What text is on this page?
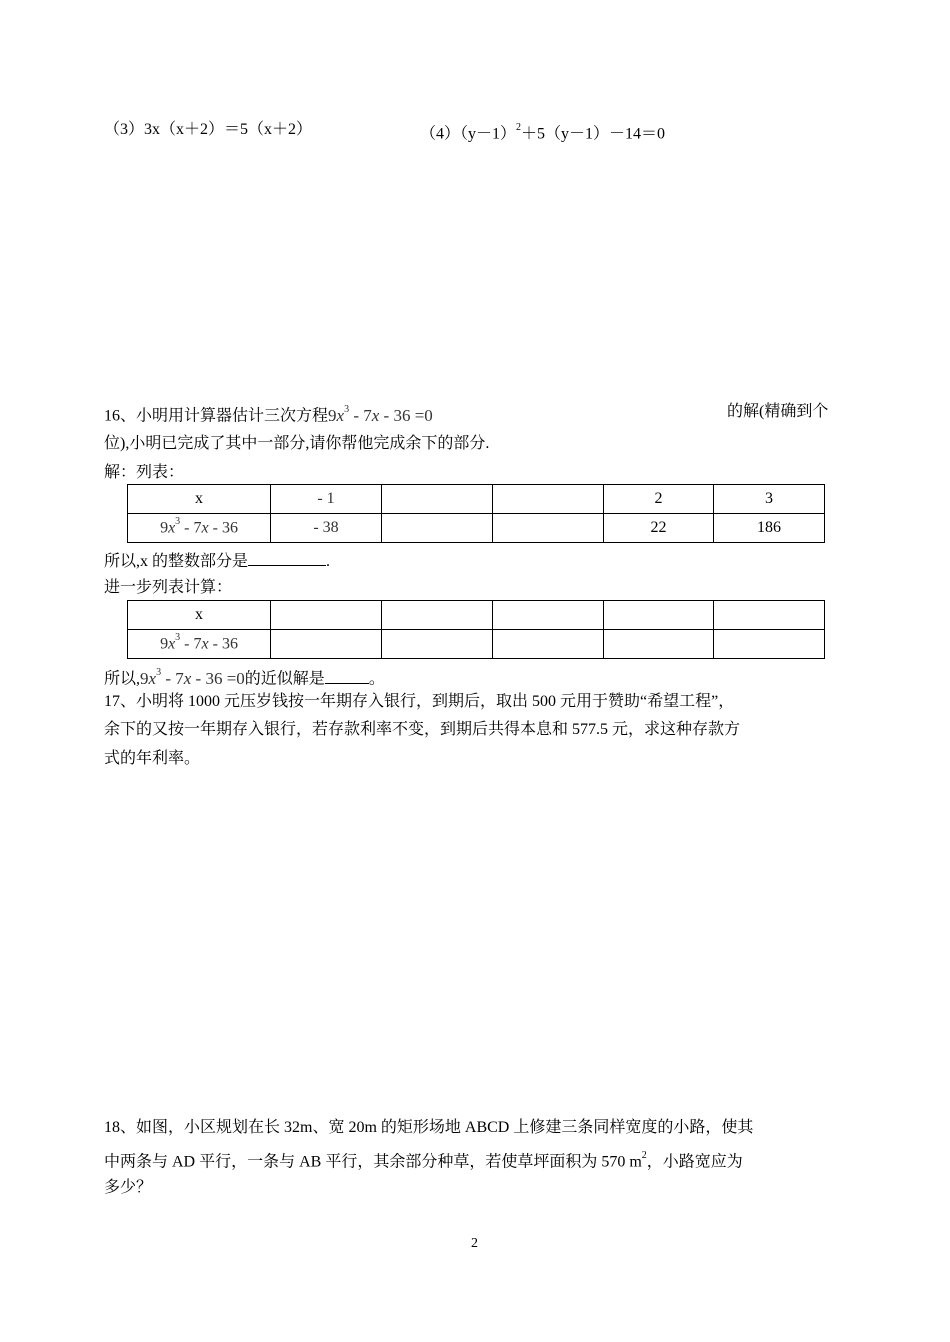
（3）3x（x＋2）＝5（x＋2）	$(4)(y-1)^2+5(y-1)-14=0$
16、小明用计算器估计三次方程$9x^3 - 7x - 36 =0$	的解(精确到个
位),小明已完成了其中一部分,请你帮他完成余下的部分.
解：列表：
x	- 1			2	3
$9x^3 - 7x - 36$	- 38			22	186
所以,x 的整数部分是	.
进一步列表计算：
x					
$9x^3 - 7x - 36$					
所以$,9x^3 - 7x - 36 =0$的近似解是	。
17、小明将 1000 元压岁钱按一年期存入银行，到期后，取出 500 元用于赞助“希望工程”，
余下的又按一年期存入银行，若存款利率不变，到期后共得本息和 577.5 元，求这种存款方
式的年利率。
18、如图，小区规划在长 32m、宽 20m 的矩形场地 ABCD 上修建三条同样宽度的小路，使其
中两条与 AD 平行，一条与 AB 平行，其余部分种草，若使草坪面积为 570 $m^2$，小路宽应为
多少？
2
